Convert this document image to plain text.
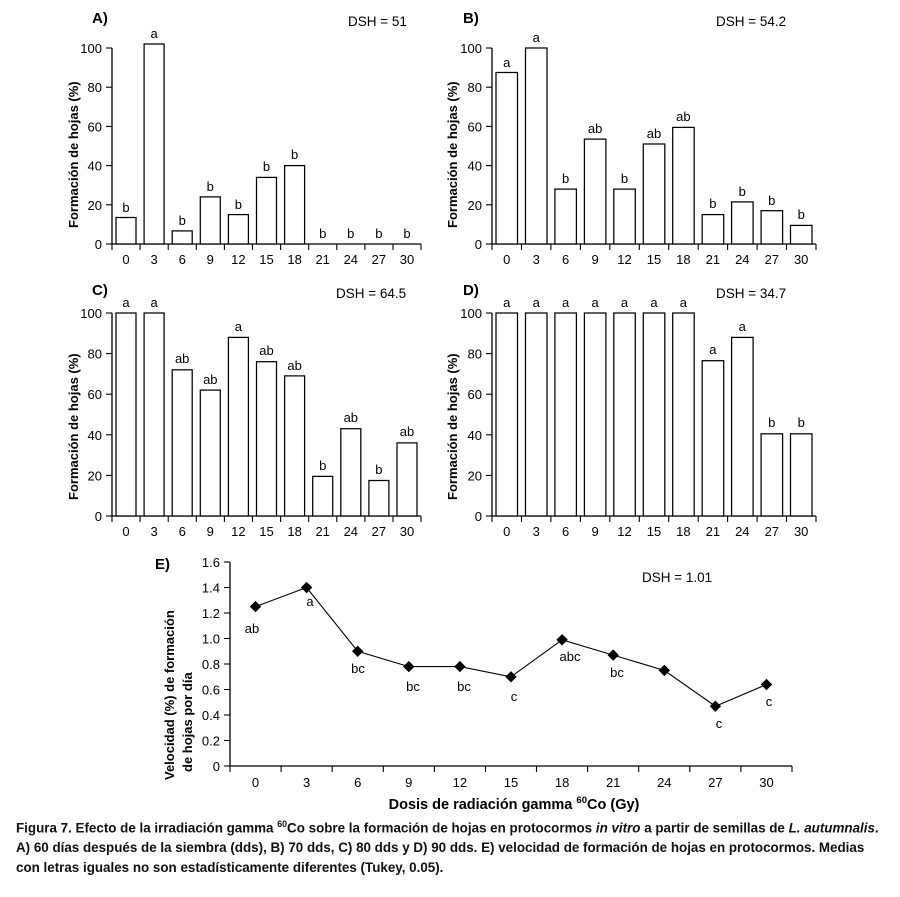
A)	DSH = 51
Formación de hojas (%)
100
80
60
40
20
0
0 3 6 9 12 15 18 21 24 27 30
b
a
b
b
b
b
b
b b b b
B)	DSH = 54.2
Formación de hojas (%)
100
80
60
40
20
0
0 3 6 9 12 15 18 21 24 27 30
a
a
b
ab
b
ab
ab
b
b
b
b
C)	DSH = 64.5
Formación de hojas (%)
100
80
60
40
20
0
0 3 6 9 12 15 18 21 24 27 30
a a
ab
ab
a
ab
ab
b
ab
b
ab
D)	DSH = 34.7
Formación de hojas (%)
100
80
60
40
20
0
0 3 6 9 12 15 18 21 24 27 30
a a a a a a a
a
a
b b
E)
DSH = 1.01
Velocidad (%) de formación de hojas por día
1.6
1.4
1.2
1.0
0.8
0.6
0.4
0.2
0
0	3	6	9	12	15	18	21	24	27	30
ab
a
bc
bc	bc
c
abc
bc
c
c
Dosis de radiación gamma $^{60}$Co (Gy)
Figura 7. Efecto de la irradiación gamma $^{60}$Co sobre la formación de hojas en protocormos in vitro a partir de semillas de L. autumnalis. A) 60 días después de la siembra (dds), B) 70 dds, C) 80 dds y D) 90 dds. E) velocidad de formación de hojas en protocormos. Medias con letras iguales no son estadísticamente diferentes (Tukey, 0.05).
